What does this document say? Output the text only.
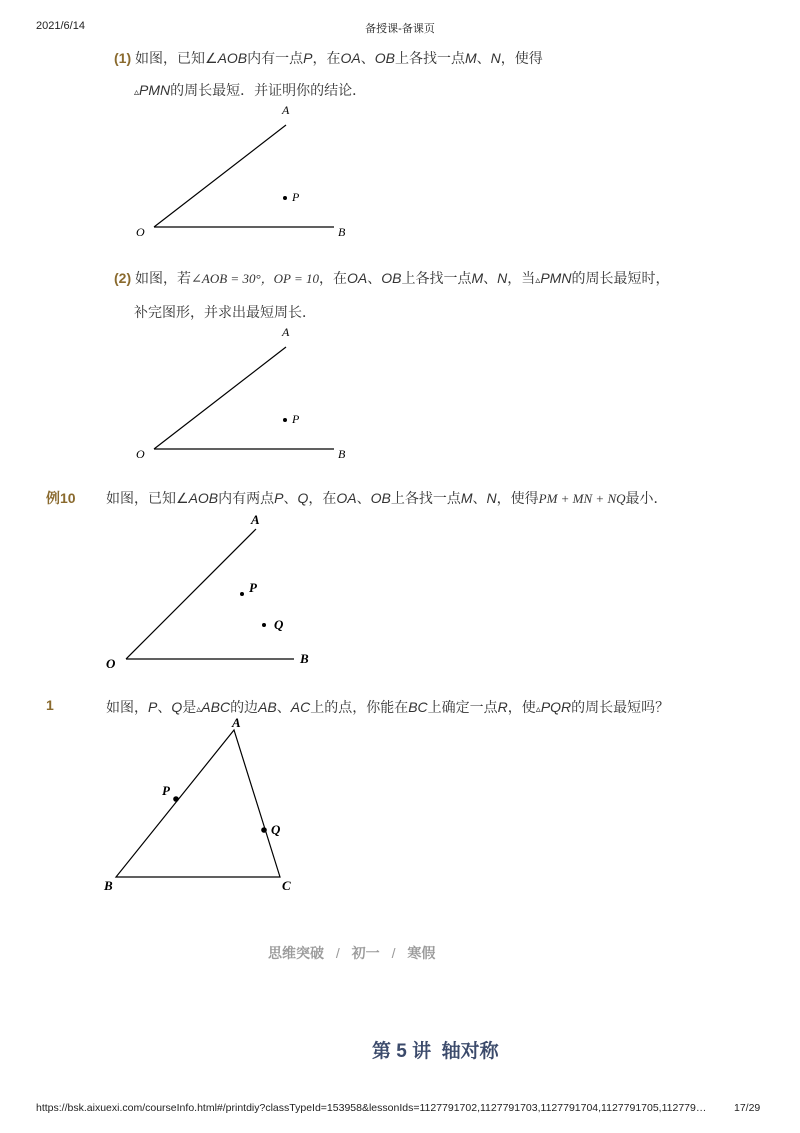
2021/6/14	备授课-备课页
(1) 如图，已知∠AOB内有一点P，在OA、OB上各找一点M、N，使得
▵PMN的周长最短．并证明你的结论．
A
P
O	B
(2) 如图，若∠AOB = 30°，OP = 10，在OA、OB上各找一点M、N，当▵PMN的周长最短时，
补完图形，并求出最短周长．
A
P
O	B
例10 如图，已知∠AOB内有两点P、Q，在OA、OB上各找一点M、N，使得PM + MN + NQ最小．
A
P
Q
O	B
1	如图，P、Q是▵ABC的边AB、AC上的点，你能在BC上确定一点R，使▵PQR的周长最短吗？
A
P
Q
B	C
思维突破 / 初一 / 寒假
第 5 讲  轴对称
https://bsk.aixuexi.com/courseInfo.html#/printdiy?classTypeId=153958&lessonIds=1127791702,1127791703,1127791704,1127791705,112779…	17/29
